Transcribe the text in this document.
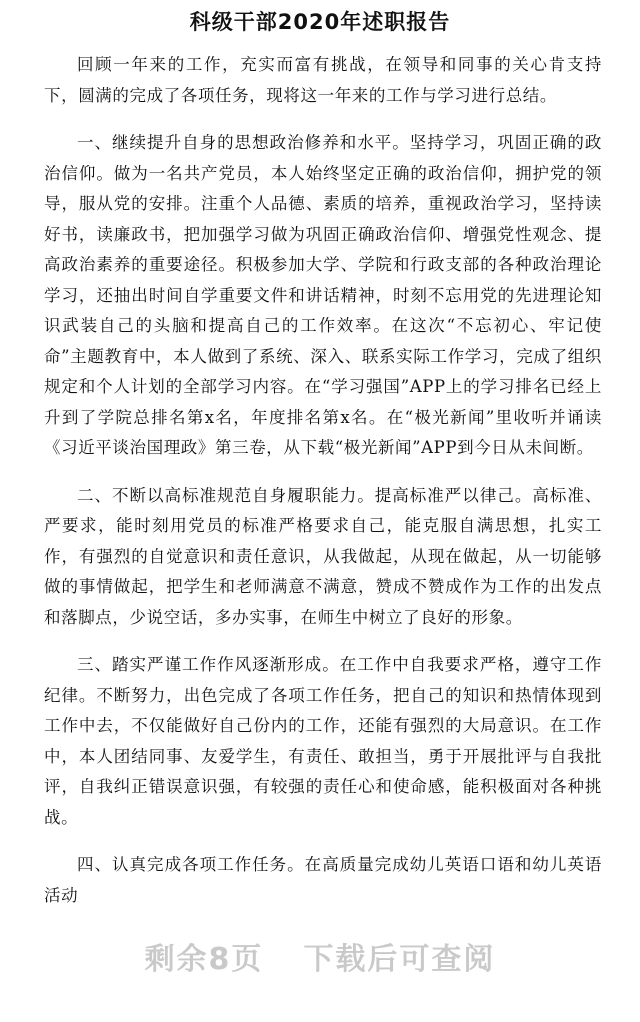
科级干部2020年述职报告

回顾一年来的工作，充实而富有挑战，在领导和同事的关心肯支持下，圆满的完成了各项任务，现将这一年来的工作与学习进行总结。

一、继续提升自身的思想政治修养和水平。坚持学习，巩固正确的政治信仰。做为一名共产党员，本人始终坚定正确的政治信仰，拥护党的领导，服从党的安排。注重个人品德、素质的培养，重视政治学习，坚持读好书，读廉政书，把加强学习做为巩固正确政治信仰、增强党性观念、提高政治素养的重要途径。积极参加大学、学院和行政支部的各种政治理论学习，还抽出时间自学重要文件和讲话精神，时刻不忘用党的先进理论知识武装自己的头脑和提高自己的工作效率。在这次“不忘初心、牢记使命”主题教育中，本人做到了系统、深入、联系实际工作学习，完成了组织规定和个人计划的全部学习内容。在“学习强国”APP上的学习排名已经上升到了学院总排名第x名，年度排名第x名。在“极光新闻”里收听并诵读《习近平谈治国理政》第三卷，从下载“极光新闻”APP到今日从未间断。

二、不断以高标准规范自身履职能力。提高标准严以律己。高标准、严要求，能时刻用党员的标准严格要求自己，能克服自满思想，扎实工作，有强烈的自觉意识和责任意识，从我做起，从现在做起，从一切能够做的事情做起，把学生和老师满意不满意，赞成不赞成作为工作的出发点和落脚点，少说空话，多办实事，在师生中树立了良好的形象。

三、踏实严谨工作作风逐渐形成。在工作中自我要求严格，遵守工作纪律。不断努力，出色完成了各项工作任务，把自己的知识和热情体现到工作中去，不仅能做好自己份内的工作，还能有强烈的大局意识。在工作中，本人团结同事、友爱学生，有责任、敢担当，勇于开展批评与自我批评，自我纠正错误意识强，有较强的责任心和使命感，能积极面对各种挑战。

四、认真完成各项工作任务。在高质量完成幼儿英语口语和幼儿英语活动

剩余8页 下载后可查阅
